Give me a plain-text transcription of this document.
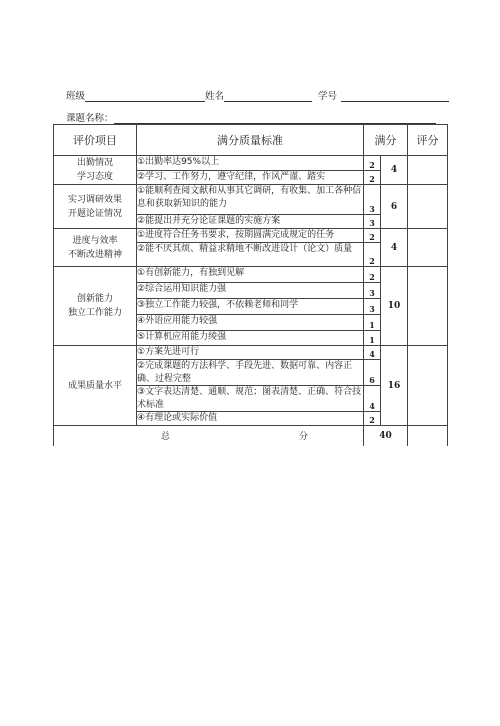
班级	姓名	学号
课题名称：
评价项目	满分质量标准	满分		评分

出勤情况
学习态度	①出勤率达95%以上	2	4	
	②学习、工作努力，遵守纪律，作风严谨、踏实	2		

实习调研效果
开题论证情况	①能顺利查阅文献和从事其它调研，有收集、加工各种信息和获取新知识的能力	3	6	
	②能提出并充分论证课题的实施方案	3		

进度与效率
不断改进精神	①进度符合任务书要求，按期圆满完成规定的任务	2	4	
	②能不厌其烦、精益求精地不断改进设计（论文）质量	2		

创新能力
独立工作能力	①有创新能力，有独到见解	2	10	
	②综合运用知识能力强	3		
	③独立工作能力较强，不依赖老师和同学	3		
	④外语应用能力较强	1		
	⑤计算机应用能力绫强	1		

成果质量水平	①方案先进可行	4	16	
	②完成课题的方法科学、手段先进、数据可靠、内容正确、过程完整	6		
	③文字表达清楚、通顺、规范；图表清楚、正确、符合技术标准	4		
	④有理论或实际价值	2		

总 分		40		
